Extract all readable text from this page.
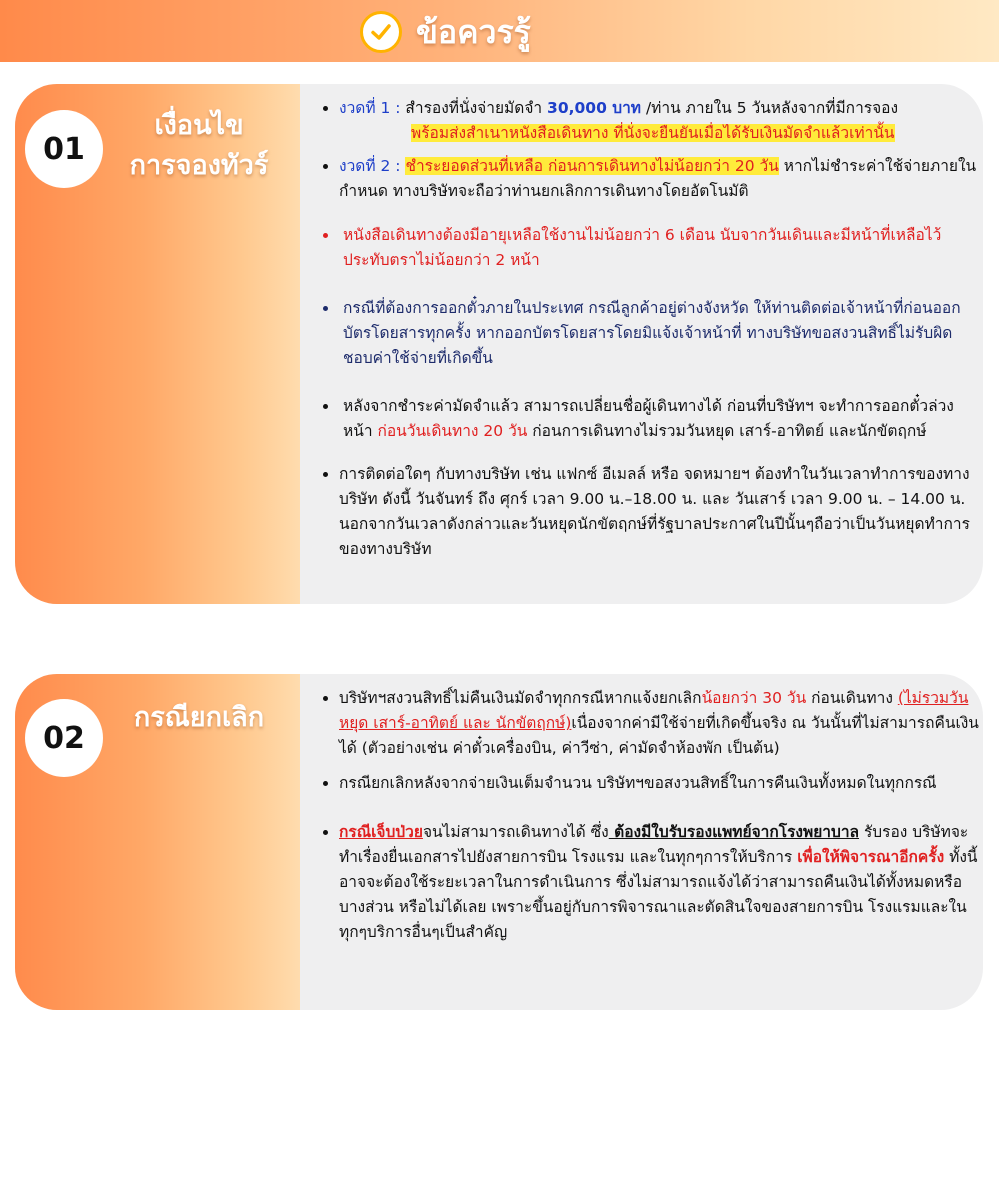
ข้อควรรู้
01
เงื่อนไข
การจองทัวร์
• งวดที่ 1 : สำรองที่นั่งจ่ายมัดจำ 30,000 บาท /ท่าน ภายใน 5 วันหลังจากที่มีการจอง
พร้อมส่งสำเนาหนังสือเดินทาง ที่นั่งจะยืนยันเมื่อได้รับเงินมัดจำแล้วเท่านั้น
• งวดที่ 2 : ชำระยอดส่วนที่เหลือ ก่อนการเดินทางไม่น้อยกว่า 20 วัน หากไม่ชำระค่าใช้จ่ายภายในกำหนด ทางบริษัทจะถือว่าท่านยกเลิกการเดินทางโดยอัตโนมัติ
• หนังสือเดินทางต้องมีอายุเหลือใช้งานไม่น้อยกว่า 6 เดือน นับจากวันเดินและมีหน้าที่เหลือไว้ประทับตราไม่น้อยกว่า 2 หน้า
• กรณีที่ต้องการออกตั๋วภายในประเทศ กรณีลูกค้าอยู่ต่างจังหวัด ให้ท่านติดต่อเจ้าหน้าที่ก่อนออกบัตรโดยสารทุกครั้ง หากออกบัตรโดยสารโดยมิแจ้งเจ้าหน้าที่ ทางบริษัทขอสงวนสิทธิ์ไม่รับผิดชอบค่าใช้จ่ายที่เกิดขึ้น
• หลังจากชำระค่ามัดจำแล้ว สามารถเปลี่ยนชื่อผู้เดินทางได้ ก่อนที่บริษัทฯ จะทำการออกตั๋วล่วงหน้า ก่อนวันเดินทาง 20 วัน ก่อนการเดินทางไม่รวมวันหยุด เสาร์-อาทิตย์ และนักขัตฤกษ์
• การติดต่อใดๆ กับทางบริษัท เช่น แฟกซ์ อีเมลล์ หรือ จดหมายฯ ต้องทำในวันเวลาทำการของทางบริษัท ดังนี้ วันจันทร์ ถึง ศุกร์ เวลา 9.00 น.–18.00 น. และ วันเสาร์ เวลา 9.00 น. – 14.00 น. นอกจากวันเวลาดังกล่าวและวันหยุดนักขัตฤกษ์ที่รัฐบาลประกาศในปีนั้นๆถือว่าเป็นวันหยุดทำการของทางบริษัท
02
กรณียกเลิก
• บริษัทฯสงวนสิทธิ์ไม่คืนเงินมัดจำทุกกรณีหากแจ้งยกเลิกน้อยกว่า 30 วัน ก่อนเดินทาง (ไม่รวมวันหยุด เสาร์-อาทิตย์ และ นักขัตฤกษ์)เนื่องจากค่ามีใช้จ่ายที่เกิดขึ้นจริง ณ วันนั้นที่ไม่สามารถคืนเงินได้ (ตัวอย่างเช่น ค่าตั๋วเครื่องบิน, ค่าวีซ่า, ค่ามัดจำห้องพัก เป็นต้น)
• กรณียกเลิกหลังจากจ่ายเงินเต็มจำนวน บริษัทฯขอสงวนสิทธิ์ในการคืนเงินทั้งหมดในทุกกรณี
• กรณีเจ็บป่วยจนไม่สามารถเดินทางได้ ซึ่ง ต้องมีใบรับรองแพทย์จากโรงพยาบาล รับรอง บริษัทจะทำเรื่องยื่นเอกสารไปยังสายการบิน โรงแรม และในทุกๆการให้บริการ เพื่อให้พิจารณาอีกครั้ง ทั้งนี้ อาจจะต้องใช้ระยะเวลาในการดำเนินการ ซึ่งไม่สามารถแจ้งได้ว่าสามารถคืนเงินได้ทั้งหมดหรือบางส่วน หรือไม่ได้เลย เพราะขึ้นอยู่กับการพิจารณาและตัดสินใจของสายการบิน โรงแรมและในทุกๆบริการอื่นๆเป็นสำคัญ
